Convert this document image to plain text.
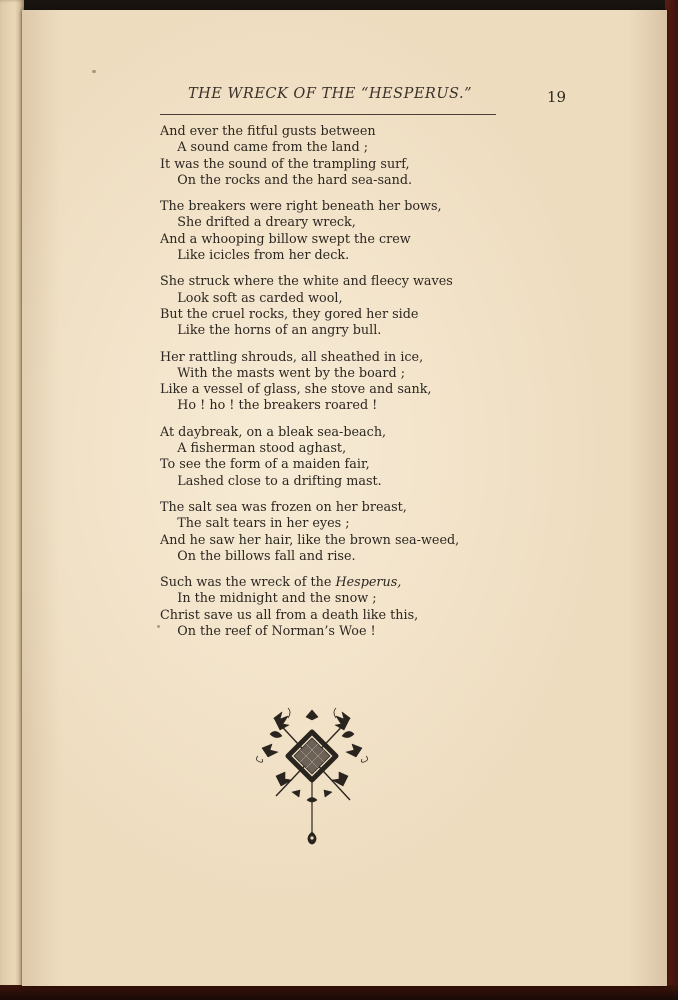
THE WRECK OF THE “HESPERUS.”	19
And ever the fitful gusts between
A sound came from the land ;
It was the sound of the trampling surf,
On the rocks and the hard sea-sand.
The breakers were right beneath her bows,
She drifted a dreary wreck,
And a whooping billow swept the crew
Like icicles from her deck.
She struck where the white and fleecy waves
Look soft as carded wool,
But the cruel rocks, they gored her side
Like the horns of an angry bull.
Her rattling shrouds, all sheathed in ice,
With the masts went by the board ;
Like a vessel of glass, she stove and sank,
Ho ! ho ! the breakers roared !
At daybreak, on a bleak sea-beach,
A fisherman stood aghast,
To see the form of a maiden fair,
Lashed close to a drifting mast.
The salt sea was frozen on her breast,
The salt tears in her eyes ;
And he saw her hair, like the brown sea-weed,
On the billows fall and rise.
Such was the wreck of the Hesperus,
In the midnight and the snow ;
Christ save us all from a death like this,
On the reef of Norman’s Woe !
